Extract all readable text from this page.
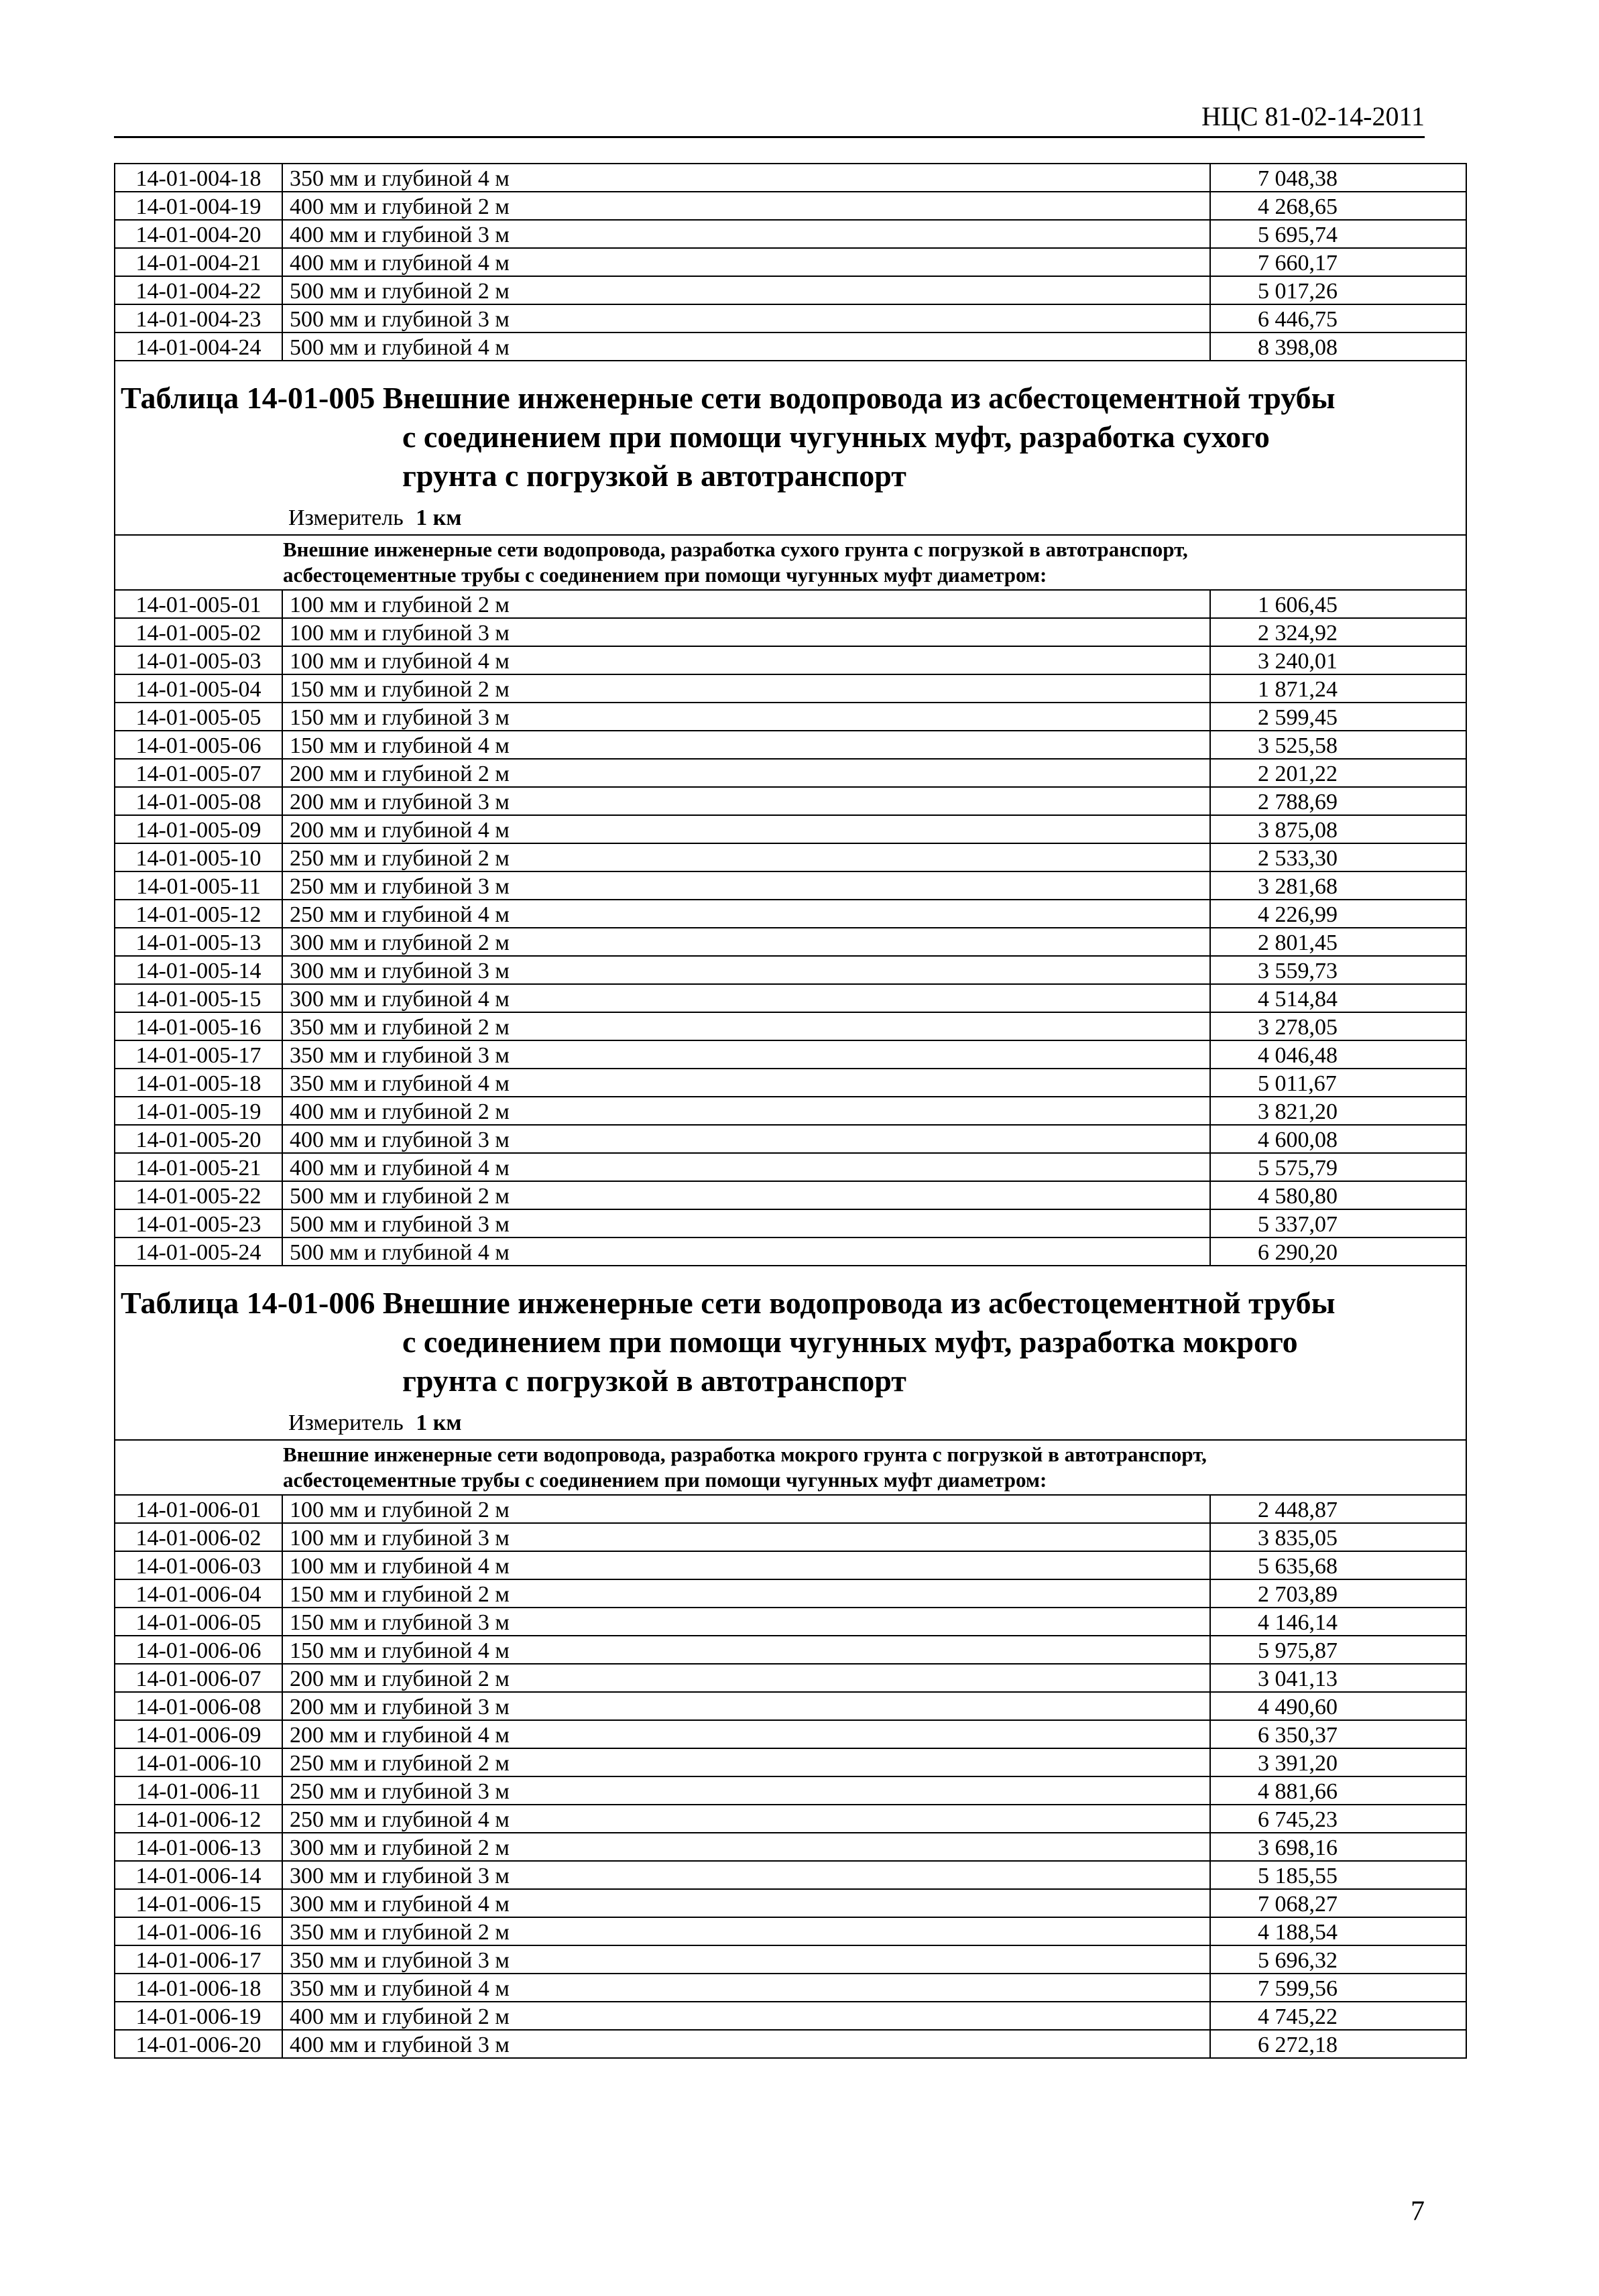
НЦС 81-02-14-2011
14-01-004-18	350 мм и глубиной 4 м	7 048,38
14-01-004-19	400 мм и глубиной 2 м	4 268,65
14-01-004-20	400 мм и глубиной 3 м	5 695,74
14-01-004-21	400 мм и глубиной 4 м	7 660,17
14-01-004-22	500 мм и глубиной 2 м	5 017,26
14-01-004-23	500 мм и глубиной 3 м	6 446,75
14-01-004-24	500 мм и глубиной 4 м	8 398,08

Таблица 14-01-005 Внешние инженерные сети водопровода из асбестоцементной трубы
с соединением при помощи чугунных муфт, разработка сухого
грунта с погрузкой в автотранспорт
Измеритель 1 км		

Внешние инженерные сети водопровода, разработка сухого грунта с погрузкой в автотранспорт,
асбестоцементные трубы с соединением при помощи чугунных муфт диаметром:		

14-01-005-01	100 мм и глубиной 2 м	1 606,45
14-01-005-02	100 мм и глубиной 3 м	2 324,92
14-01-005-03	100 мм и глубиной 4 м	3 240,01
14-01-005-04	150 мм и глубиной 2 м	1 871,24
14-01-005-05	150 мм и глубиной 3 м	2 599,45
14-01-005-06	150 мм и глубиной 4 м	3 525,58
14-01-005-07	200 мм и глубиной 2 м	2 201,22
14-01-005-08	200 мм и глубиной 3 м	2 788,69
14-01-005-09	200 мм и глубиной 4 м	3 875,08
14-01-005-10	250 мм и глубиной 2 м	2 533,30
14-01-005-11	250 мм и глубиной 3 м	3 281,68
14-01-005-12	250 мм и глубиной 4 м	4 226,99
14-01-005-13	300 мм и глубиной 2 м	2 801,45
14-01-005-14	300 мм и глубиной 3 м	3 559,73
14-01-005-15	300 мм и глубиной 4 м	4 514,84
14-01-005-16	350 мм и глубиной 2 м	3 278,05
14-01-005-17	350 мм и глубиной 3 м	4 046,48
14-01-005-18	350 мм и глубиной 4 м	5 011,67
14-01-005-19	400 мм и глубиной 2 м	3 821,20
14-01-005-20	400 мм и глубиной 3 м	4 600,08
14-01-005-21	400 мм и глубиной 4 м	5 575,79
14-01-005-22	500 мм и глубиной 2 м	4 580,80
14-01-005-23	500 мм и глубиной 3 м	5 337,07
14-01-005-24	500 мм и глубиной 4 м	6 290,20

Таблица 14-01-006 Внешние инженерные сети водопровода из асбестоцементной трубы
с соединением при помощи чугунных муфт, разработка мокрого
грунта с погрузкой в автотранспорт
Измеритель 1 км		

Внешние инженерные сети водопровода, разработка мокрого грунта с погрузкой в автотранспорт,
асбестоцементные трубы с соединением при помощи чугунных муфт диаметром:		

14-01-006-01	100 мм и глубиной 2 м	2 448,87
14-01-006-02	100 мм и глубиной 3 м	3 835,05
14-01-006-03	100 мм и глубиной 4 м	5 635,68
14-01-006-04	150 мм и глубиной 2 м	2 703,89
14-01-006-05	150 мм и глубиной 3 м	4 146,14
14-01-006-06	150 мм и глубиной 4 м	5 975,87
14-01-006-07	200 мм и глубиной 2 м	3 041,13
14-01-006-08	200 мм и глубиной 3 м	4 490,60
14-01-006-09	200 мм и глубиной 4 м	6 350,37
14-01-006-10	250 мм и глубиной 2 м	3 391,20
14-01-006-11	250 мм и глубиной 3 м	4 881,66
14-01-006-12	250 мм и глубиной 4 м	6 745,23
14-01-006-13	300 мм и глубиной 2 м	3 698,16
14-01-006-14	300 мм и глубиной 3 м	5 185,55
14-01-006-15	300 мм и глубиной 4 м	7 068,27
14-01-006-16	350 мм и глубиной 2 м	4 188,54
14-01-006-17	350 мм и глубиной 3 м	5 696,32
14-01-006-18	350 мм и глубиной 4 м	7 599,56
14-01-006-19	400 мм и глубиной 2 м	4 745,22
14-01-006-20	400 мм и глубиной 3 м	6 272,18
7
